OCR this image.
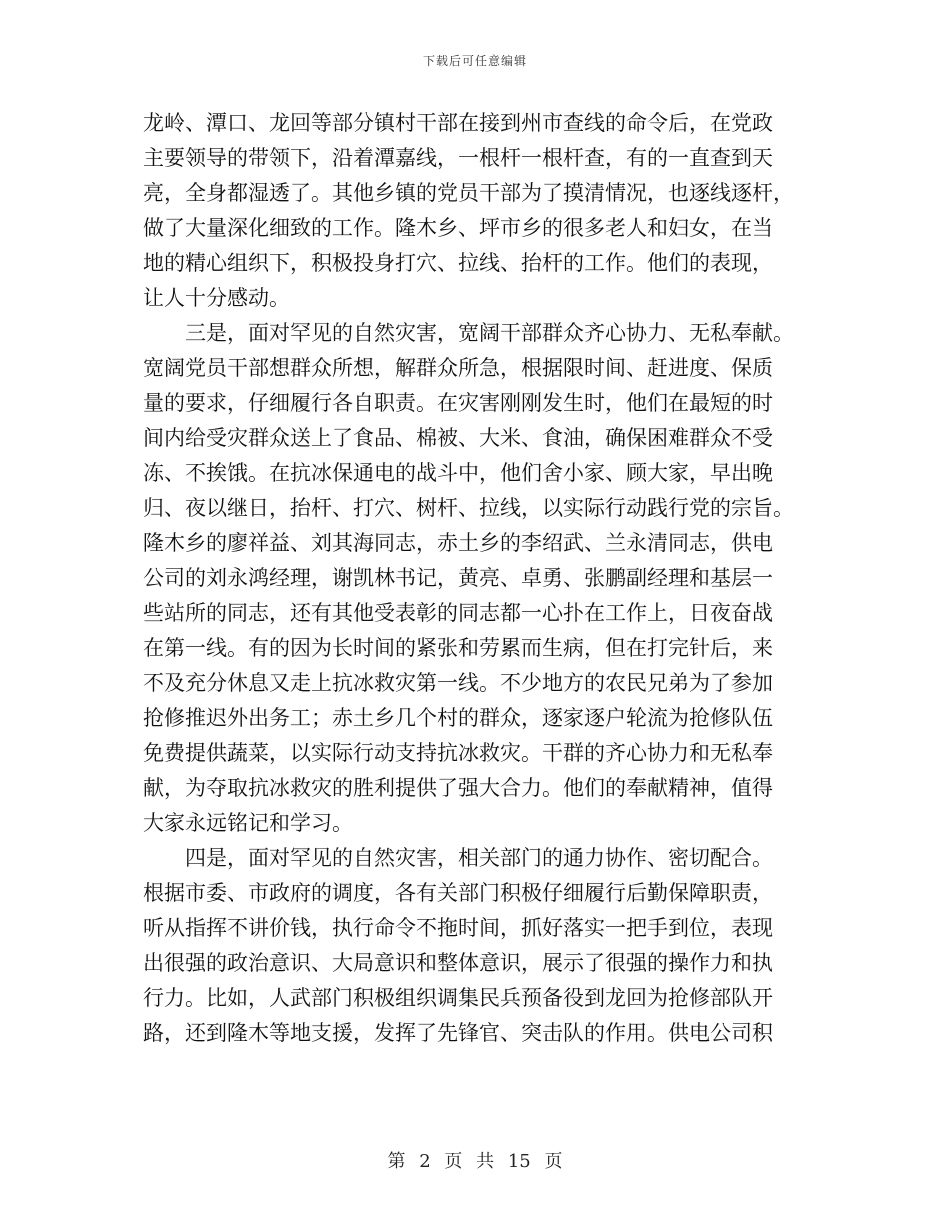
下载后可任意编辑
龙岭、潭口、龙回等部分镇村干部在接到州市查线的命令后，在党政
主要领导的带领下，沿着潭嘉线，一根杆一根杆查，有的一直查到天
亮，全身都湿透了。其他乡镇的党员干部为了摸清情况，也逐线逐杆，
做了大量深化细致的工作。隆木乡、坪市乡的很多老人和妇女，在当
地的精心组织下，积极投身打穴、拉线、抬杆的工作。他们的表现，
让人十分感动。
三是，面对罕见的自然灾害，宽阔干部群众齐心协力、无私奉献。
宽阔党员干部想群众所想，解群众所急，根据限时间、赶进度、保质
量的要求，仔细履行各自职责。在灾害刚刚发生时，他们在最短的时
间内给受灾群众送上了食品、棉被、大米、食油，确保困难群众不受
冻、不挨饿。在抗冰保通电的战斗中，他们舍小家、顾大家，早出晚
归、夜以继日，抬杆、打穴、树杆、拉线，以实际行动践行党的宗旨。
隆木乡的廖祥益、刘其海同志，赤土乡的李绍武、兰永清同志，供电
公司的刘永鸿经理，谢凯林书记，黄亮、卓勇、张鹏副经理和基层一
些站所的同志，还有其他受表彰的同志都一心扑在工作上，日夜奋战
在第一线。有的因为长时间的紧张和劳累而生病，但在打完针后，来
不及充分休息又走上抗冰救灾第一线。不少地方的农民兄弟为了参加
抢修推迟外出务工；赤土乡几个村的群众，逐家逐户轮流为抢修队伍
免费提供蔬菜，以实际行动支持抗冰救灾。干群的齐心协力和无私奉
献，为夺取抗冰救灾的胜利提供了强大合力。他们的奉献精神，值得
大家永远铭记和学习。
四是，面对罕见的自然灾害，相关部门的通力协作、密切配合。
根据市委、市政府的调度，各有关部门积极仔细履行后勤保障职责，
听从指挥不讲价钱，执行命令不拖时间，抓好落实一把手到位，表现
出很强的政治意识、大局意识和整体意识，展示了很强的操作力和执
行力。比如，人武部门积极组织调集民兵预备役到龙回为抢修部队开
路，还到隆木等地支援，发挥了先锋官、突击队的作用。供电公司积
第 2 页 共 15 页
